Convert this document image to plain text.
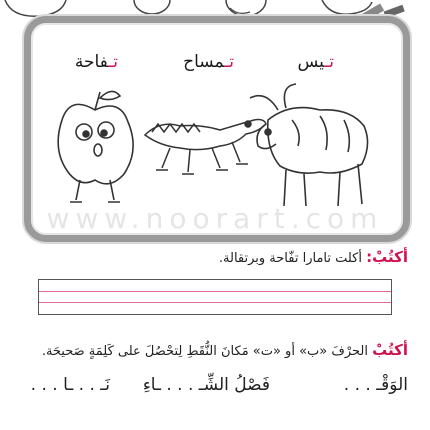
تـيس
تـمساح
تـفاحة
www.noorart.com
أكتُبْ: أكلت تامارا تفّاحة وبرتقالة.
أكتُبْ الحرْفَ «ب» أو «ت» مَكانَ النُّقَطِ لِتحْصُلَ على كَلِمَةٍ صَحيحَة.
الوَقْـ . . .
فَصْلُ الشِّـ . . . ـاءِ
نَـ . . ـا . . .
